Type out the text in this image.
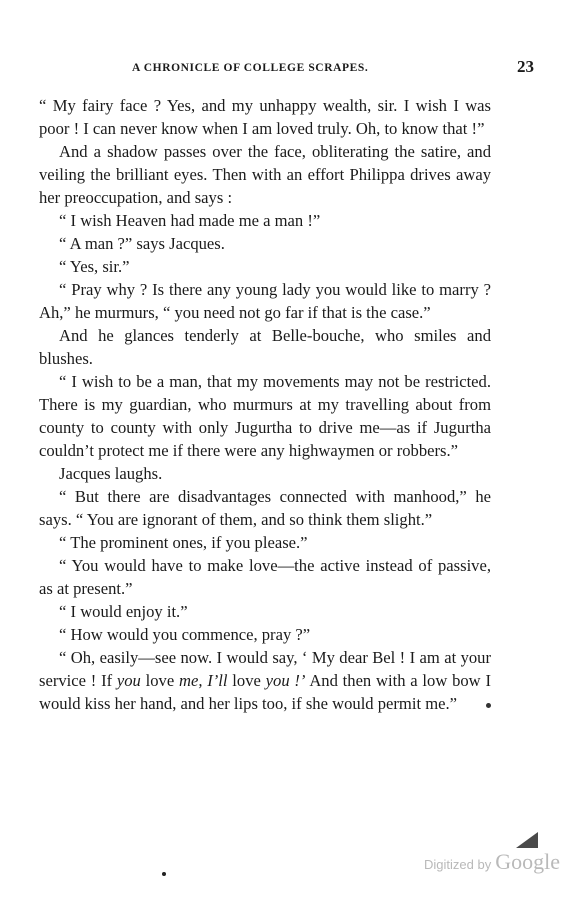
A CHRONICLE OF COLLEGE SCRAPES.	23

“ My fairy face ? Yes, and my unhappy wealth, sir. I wish I was poor ! I can never know when I am loved truly. Oh, to know that !”

And a shadow passes over the face, obliterating the satire, and veiling the brilliant eyes. Then with an effort Philippa drives away her preoccupation, and says :

“ I wish Heaven had made me a man !”

“ A man ?” says Jacques.

“ Yes, sir.”

“ Pray why ? Is there any young lady you would like to marry ? Ah,” he murmurs, “ you need not go far if that is the case.”

And he glances tenderly at Belle-bouche, who smiles and blushes.

“ I wish to be a man, that my movements may not be restricted. There is my guardian, who murmurs at my travelling about from county to county with only Jugurtha to drive me—as if Jugurtha couldn’t protect me if there were any highwaymen or robbers.”

Jacques laughs.

“ But there are disadvantages connected with manhood,” he says. “ You are ignorant of them, and so think them slight.”

“ The prominent ones, if you please.”

“ You would have to make love—the active instead of passive, as at present.”

“ I would enjoy it.”

“ How would you commence, pray ?”

“ Oh, easily—see now. I would say, ‘ My dear Bel ! I am at your service ! If you love me, I’ll love you !’ And then with a low bow I would kiss her hand, and her lips too, if she would permit me.”

Digitized by Google
